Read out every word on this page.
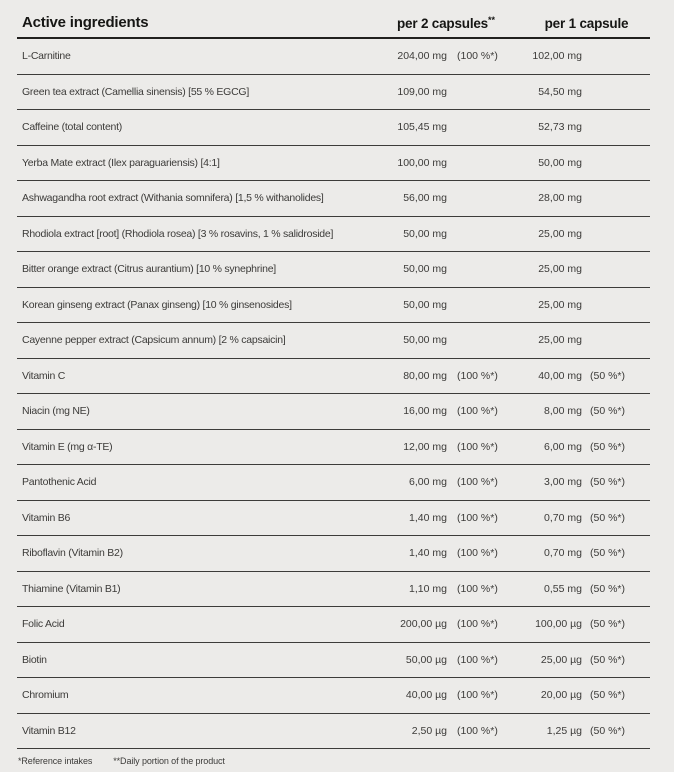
Active ingredients	per 2 capsules**	per 1 capsule
L-Carnitine	204,00 mg (100 %*)	102,00 mg
Green tea extract (Camellia sinensis) [55 % EGCG]	109,00 mg	54,50 mg
Caffeine (total content)	105,45 mg	52,73 mg
Yerba Mate extract (Ilex paraguariensis) [4:1]	100,00 mg	50,00 mg
Ashwagandha root extract (Withania somnifera) [1,5 % withanolides]	56,00 mg	28,00 mg
Rhodiola extract [root] (Rhodiola rosea) [3 % rosavins, 1 % salidroside]	50,00 mg	25,00 mg
Bitter orange extract (Citrus aurantium) [10 % synephrine]	50,00 mg	25,00 mg
Korean ginseng extract (Panax ginseng) [10 % ginsenosides]	50,00 mg	25,00 mg
Cayenne pepper extract (Capsicum annum) [2 % capsaicin]	50,00 mg	25,00 mg
Vitamin C	80,00 mg (100 %*)	40,00 mg (50 %*)
Niacin (mg NE)	16,00 mg (100 %*)	8,00 mg (50 %*)
Vitamin E (mg α-TE)	12,00 mg (100 %*)	6,00 mg (50 %*)
Pantothenic Acid	6,00 mg (100 %*)	3,00 mg (50 %*)
Vitamin B6	1,40 mg (100 %*)	0,70 mg (50 %*)
Riboflavin (Vitamin B2)	1,40 mg (100 %*)	0,70 mg (50 %*)
Thiamine (Vitamin B1)	1,10 mg (100 %*)	0,55 mg (50 %*)
Folic Acid	200,00 µg (100 %*)	100,00 µg (50 %*)
Biotin	50,00 µg (100 %*)	25,00 µg (50 %*)
Chromium	40,00 µg (100 %*)	20,00 µg (50 %*)
Vitamin B12	2,50 µg (100 %*)	1,25 µg (50 %*)
*Reference intakes **Daily portion of the product
